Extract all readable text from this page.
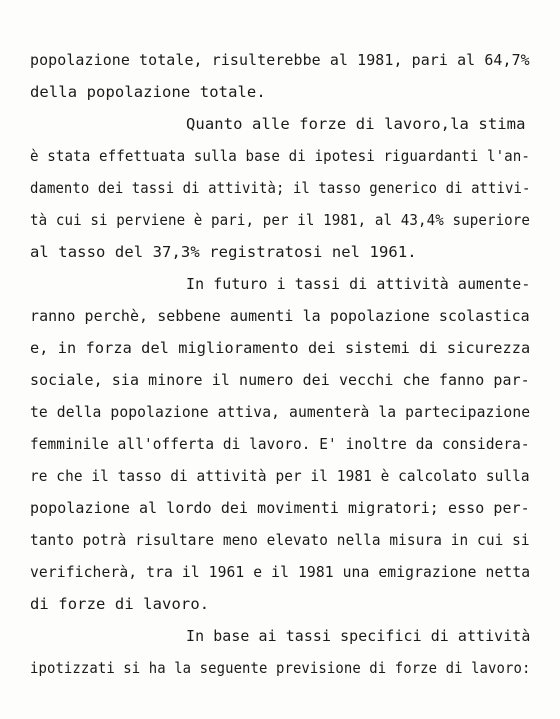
popolazione totale, risulterebbe al 1981, pari al 64,7%
della popolazione totale.
Quanto alle forze di lavoro,la stima
è stata effettuata sulla base di ipotesi riguardanti l'an-
damento dei tassi di attività; il tasso generico di attivi-
tà cui si perviene è pari, per il 1981, al 43,4% superiore
al tasso del 37,3% registratosi nel 1961.
In futuro i tassi di attività aumente-
ranno perchè, sebbene aumenti la popolazione scolastica
e, in forza del miglioramento dei sistemi di sicurezza
sociale, sia minore il numero dei vecchi che fanno par-
te della popolazione attiva, aumenterà la partecipazione
femminile all'offerta di lavoro. E' inoltre da considera-
re che il tasso di attività per il 1981 è calcolato sulla
popolazione al lordo dei movimenti migratori; esso per-
tanto potrà risultare meno elevato nella misura in cui si
verificherà, tra il 1961 e il 1981 una emigrazione netta
di forze di lavoro.
In base ai tassi specifici di attività
ipotizzati si ha la seguente previsione di forze di lavoro:
